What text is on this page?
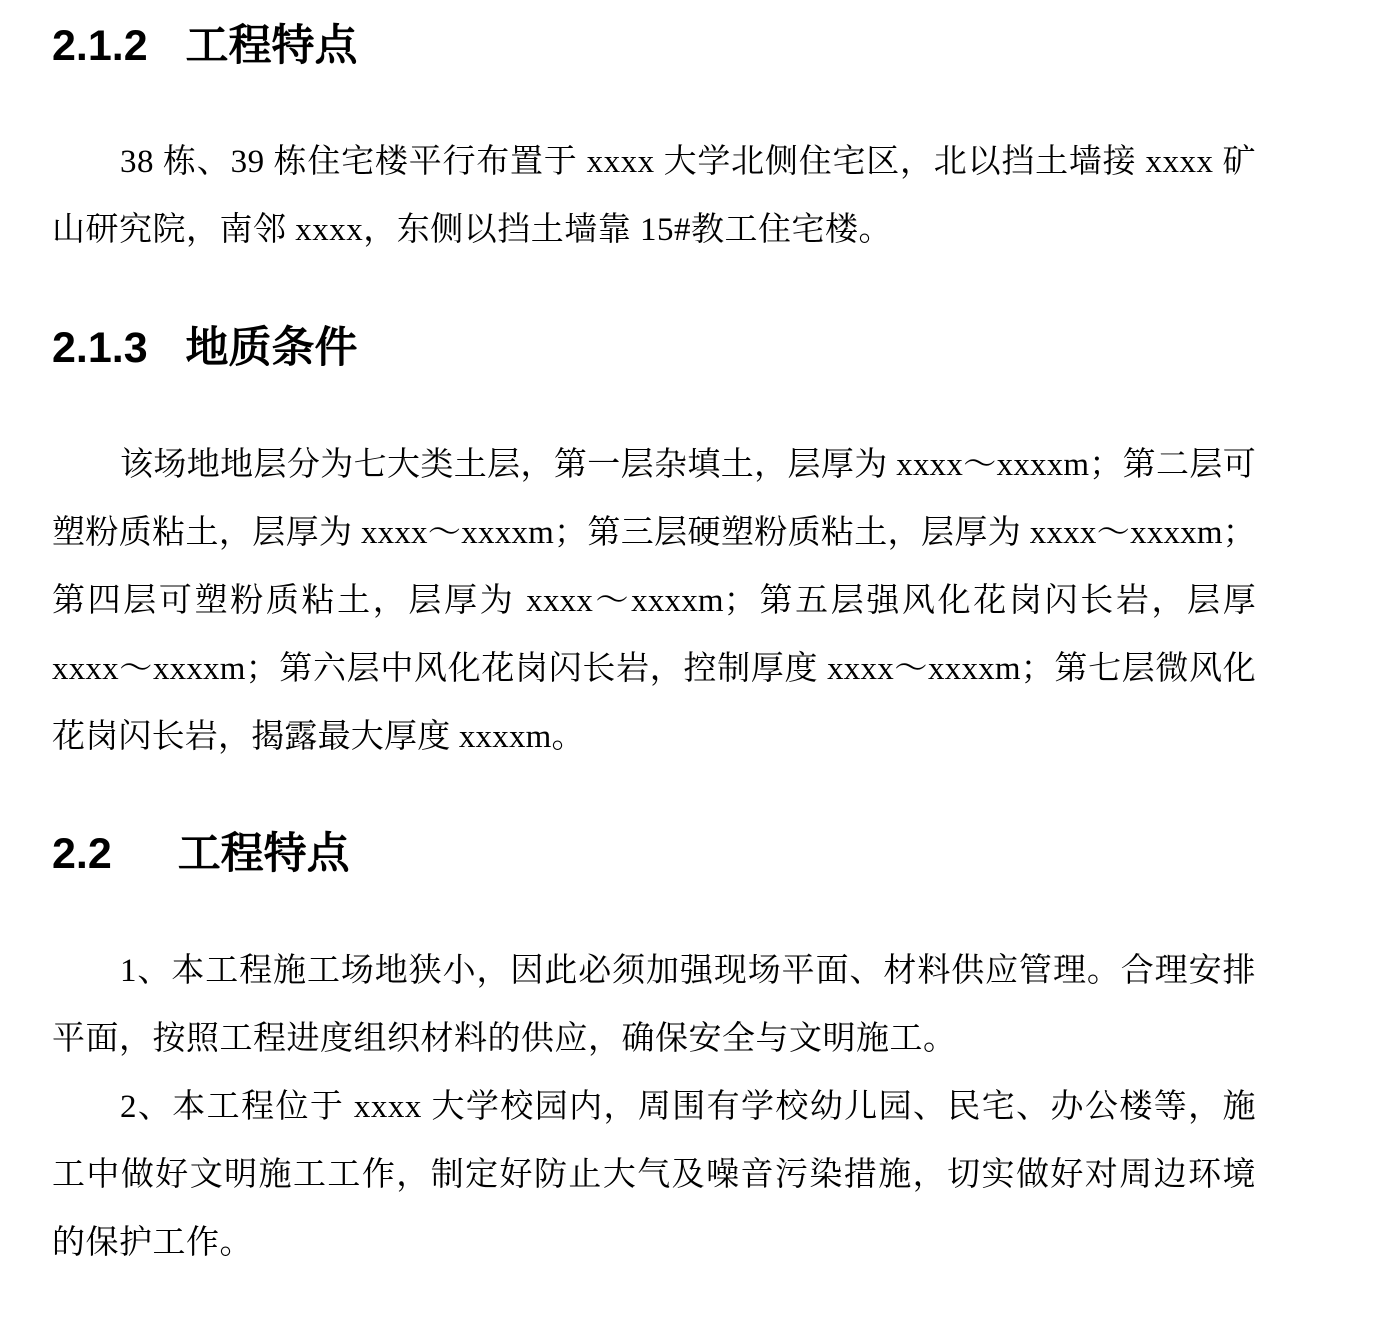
2.1.2 工程特点

38 栋、39 栋住宅楼平行布置于 xxxx 大学北侧住宅区，北以挡土墙接 xxxx 矿山研究院，南邻 xxxx，东侧以挡土墙靠 15#教工住宅楼。

2.1.3 地质条件

该场地地层分为七大类土层，第一层杂填土，层厚为 xxxx～xxxxm；第二层可塑粉质粘土，层厚为 xxxx～xxxxm；第三层硬塑粉质粘土，层厚为 xxxx～xxxxm；第四层可塑粉质粘土，层厚为 xxxx～xxxxm；第五层强风化花岗闪长岩，层厚 xxxx～xxxxm；第六层中风化花岗闪长岩，控制厚度 xxxx～xxxxm；第七层微风化花岗闪长岩，揭露最大厚度 xxxxm。

2.2 工程特点

1、本工程施工场地狭小，因此必须加强现场平面、材料供应管理。合理安排平面，按照工程进度组织材料的供应，确保安全与文明施工。

2、本工程位于 xxxx 大学校园内，周围有学校幼儿园、民宅、办公楼等，施工中做好文明施工工作，制定好防止大气及噪音污染措施，切实做好对周边环境的保护工作。
